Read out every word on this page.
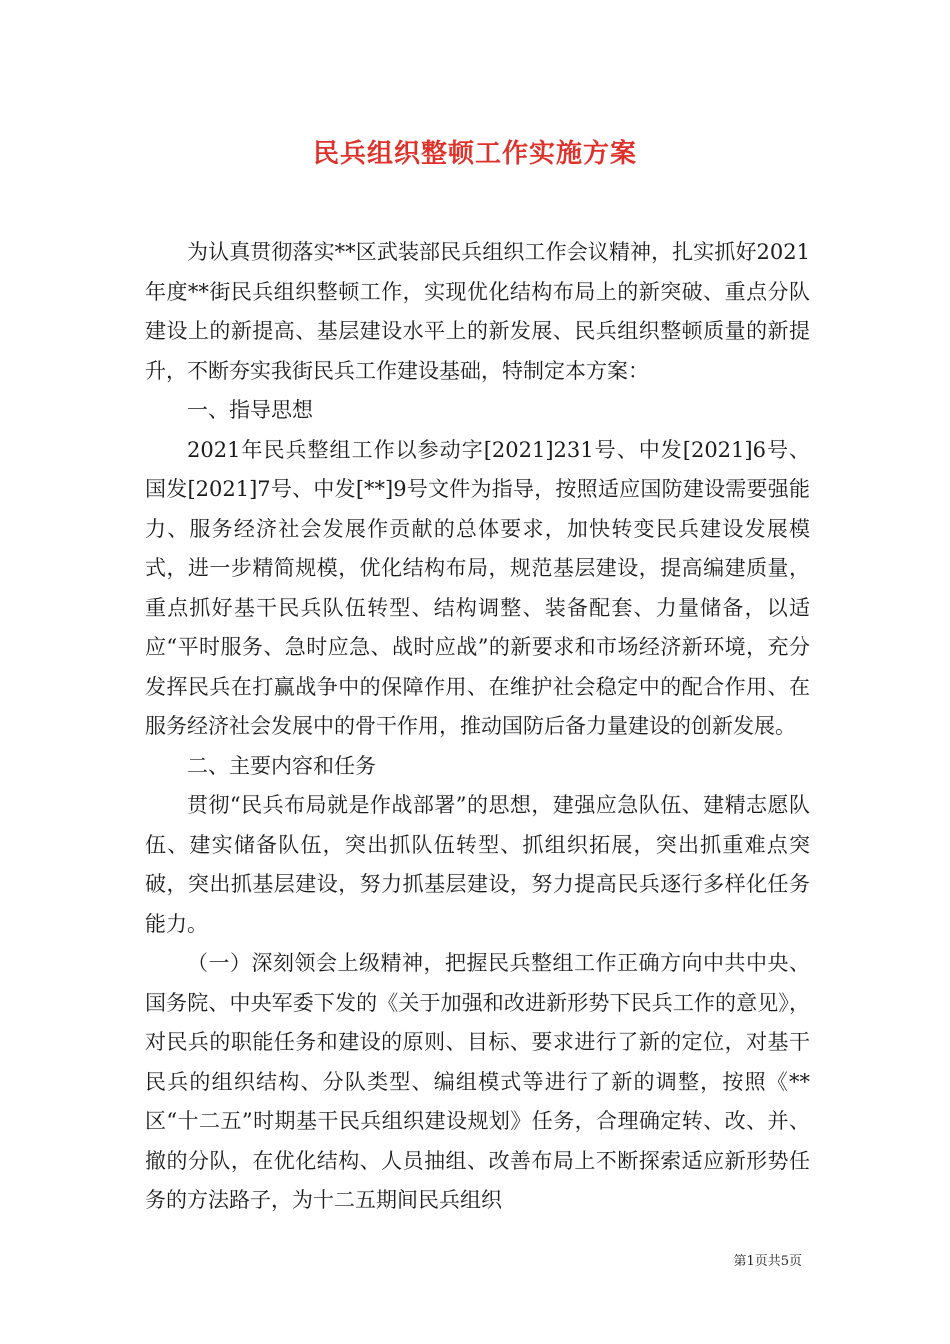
民兵组织整顿工作实施方案

为认真贯彻落实**区武装部民兵组织工作会议精神，扎实抓好2021年度**街民兵组织整顿工作，实现优化结构布局上的新突破、重点分队建设上的新提高、基层建设水平上的新发展、民兵组织整顿质量的新提升，不断夯实我街民兵工作建设基础，特制定本方案：

一、指导思想

2021年民兵整组工作以参动字[2021]231号、中发[2021]6号、国发[2021]7号、中发[**]9号文件为指导，按照适应国防建设需要强能力、服务经济社会发展作贡献的总体要求，加快转变民兵建设发展模式，进一步精简规模，优化结构布局，规范基层建设，提高编建质量，重点抓好基干民兵队伍转型、结构调整、装备配套、力量储备，以适应“平时服务、急时应急、战时应战”的新要求和市场经济新环境，充分发挥民兵在打赢战争中的保障作用、在维护社会稳定中的配合作用、在服务经济社会发展中的骨干作用，推动国防后备力量建设的创新发展。

二、主要内容和任务

贯彻“民兵布局就是作战部署”的思想，建强应急队伍、建精志愿队伍、建实储备队伍，突出抓队伍转型、抓组织拓展，突出抓重难点突破，突出抓基层建设，努力抓基层建设，努力提高民兵逐行多样化任务能力。

（一）深刻领会上级精神，把握民兵整组工作正确方向中共中央、国务院、中央军委下发的《关于加强和改进新形势下民兵工作的意见》，对民兵的职能任务和建设的原则、目标、要求进行了新的定位，对基干民兵的组织结构、分队类型、编组模式等进行了新的调整，按照《**区“十二五”时期基干民兵组织建设规划》任务，合理确定转、改、并、撤的分队，在优化结构、人员抽组、改善布局上不断探索适应新形势任务的方法路子，为十二五期间民兵组织

第1页共5页
